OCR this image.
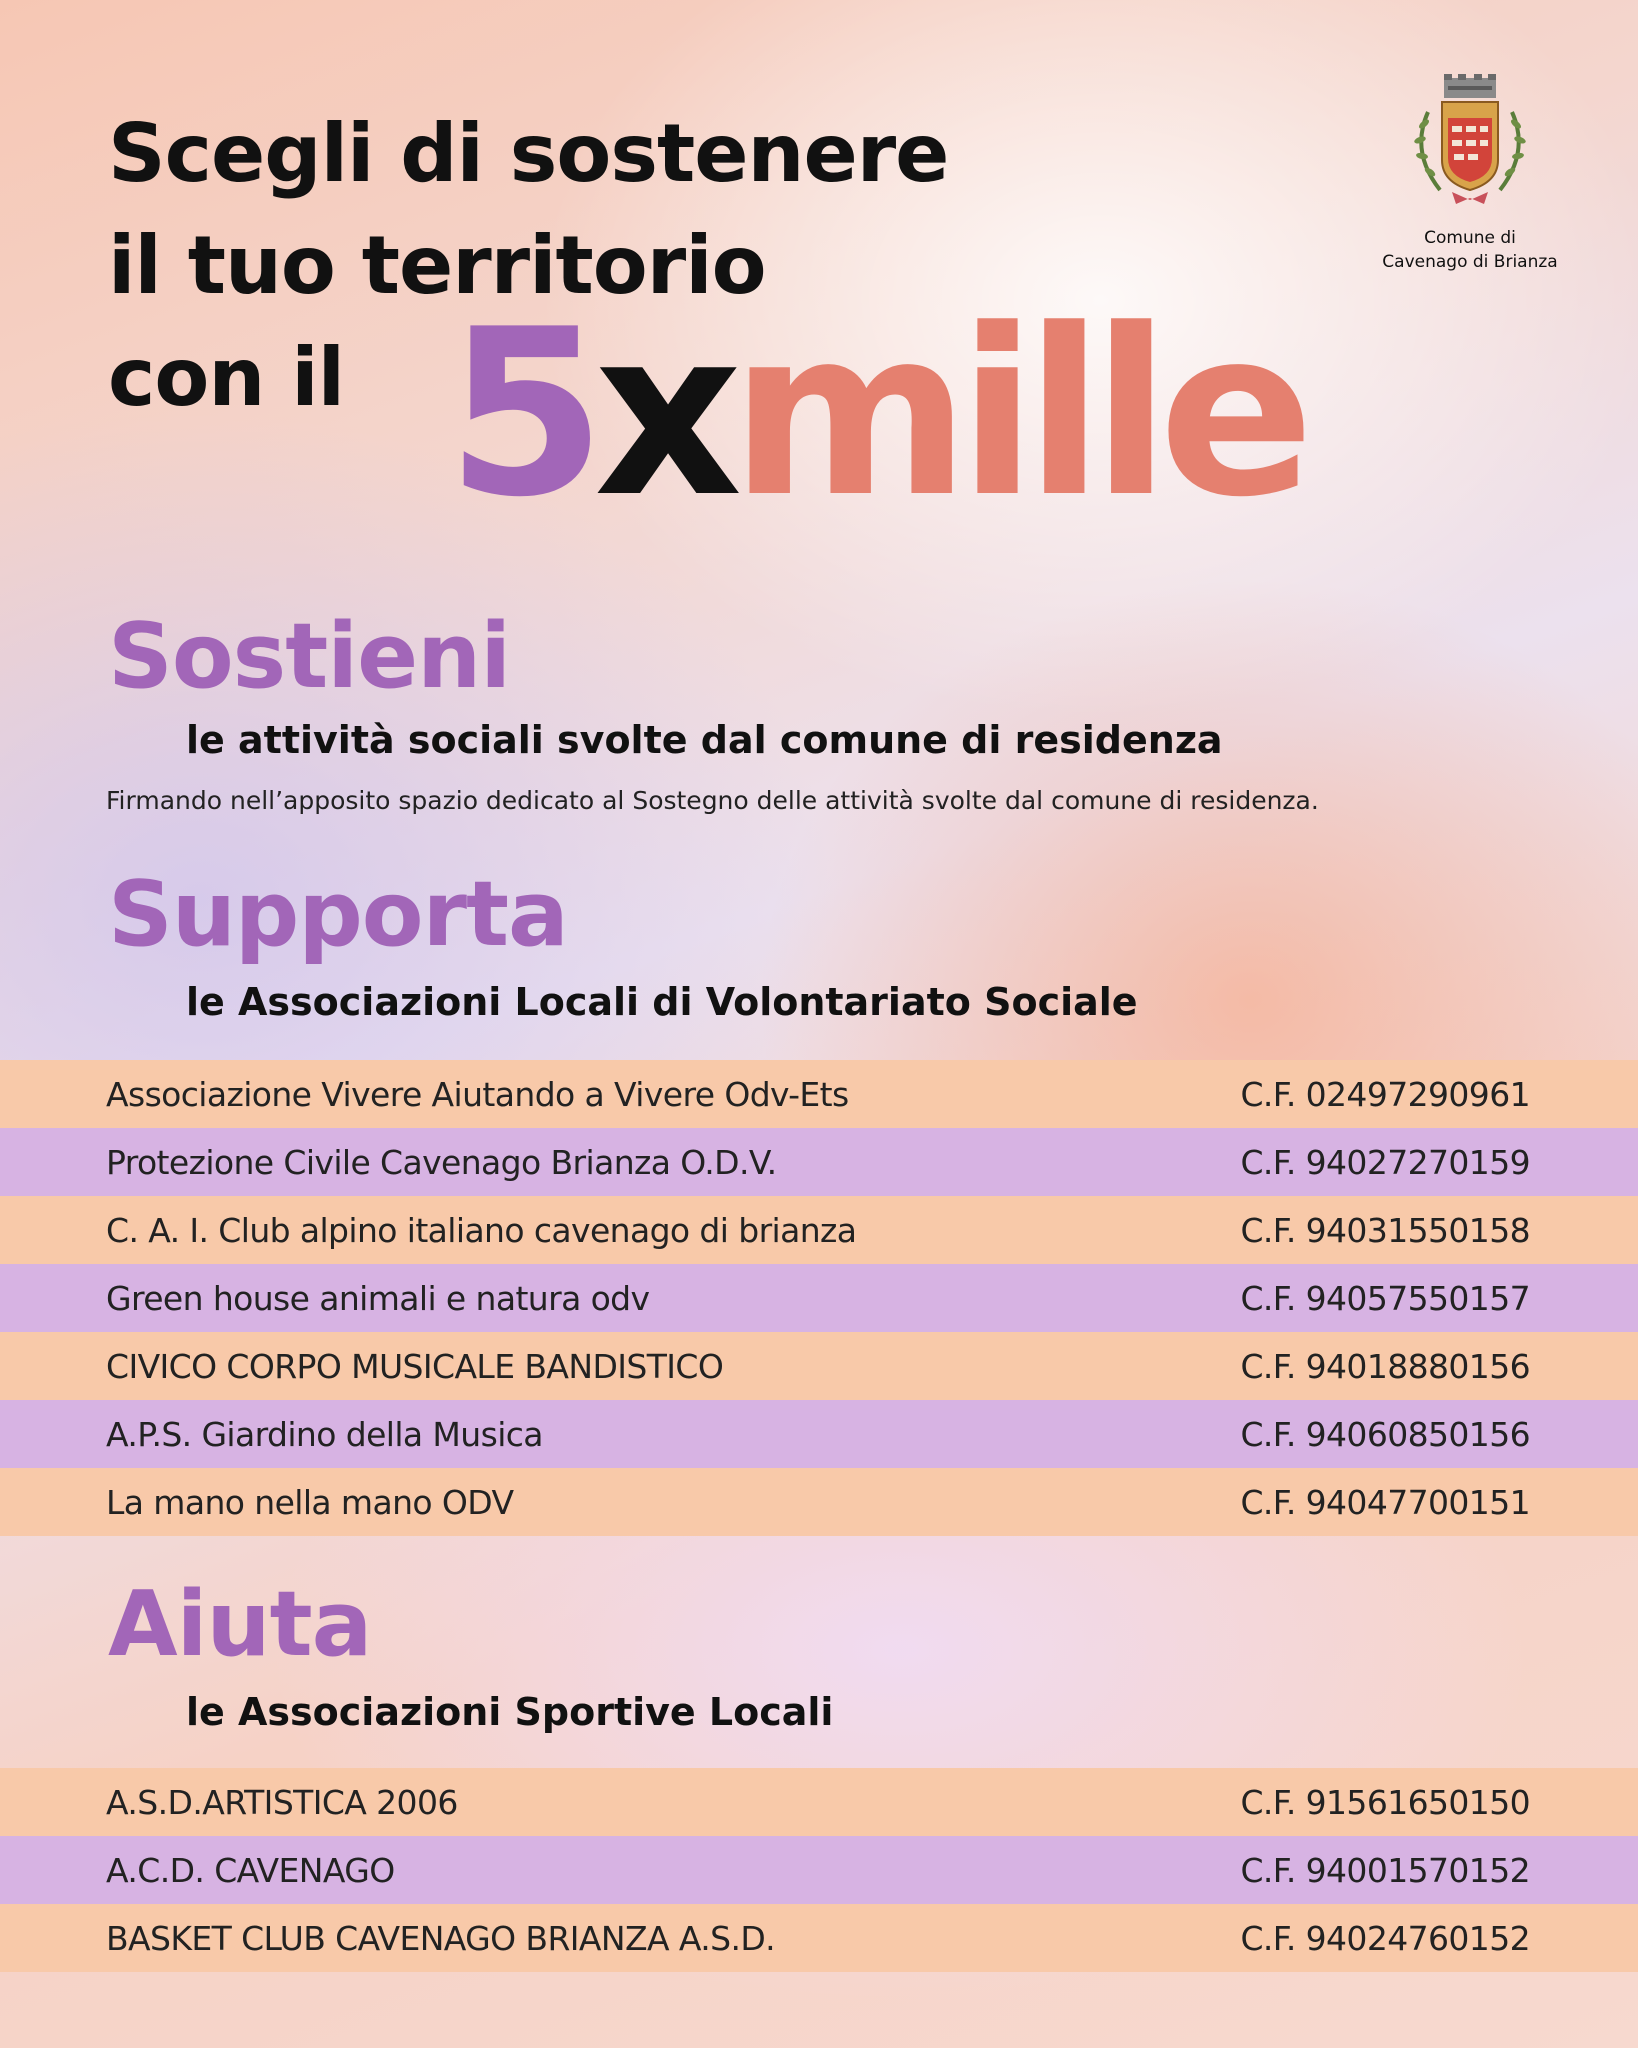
Scegli di sostenere
il tuo territorio
con il 5xmille
Comune di
Cavenago di Brianza
Sostieni
le attività sociali svolte dal comune di residenza
Firmando nell’apposito spazio dedicato al Sostegno delle attività svolte dal comune di residenza.
Supporta
le Associazioni Locali di Volontariato Sociale
Associazione Vivere Aiutando a Vivere Odv-Ets	C.F. 02497290961
Protezione Civile Cavenago Brianza O.D.V.	C.F. 94027270159
C. A. I. Club alpino italiano cavenago di brianza	C.F. 94031550158
Green house animali e natura odv	C.F. 94057550157
CIVICO CORPO MUSICALE BANDISTICO	C.F. 94018880156
A.P.S. Giardino della Musica	C.F. 94060850156
La mano nella mano ODV	C.F. 94047700151
Aiuta
le Associazioni Sportive Locali
A.S.D.ARTISTICA 2006	C.F. 91561650150
A.C.D. CAVENAGO	C.F. 94001570152
BASKET CLUB CAVENAGO BRIANZA A.S.D.	C.F. 94024760152
